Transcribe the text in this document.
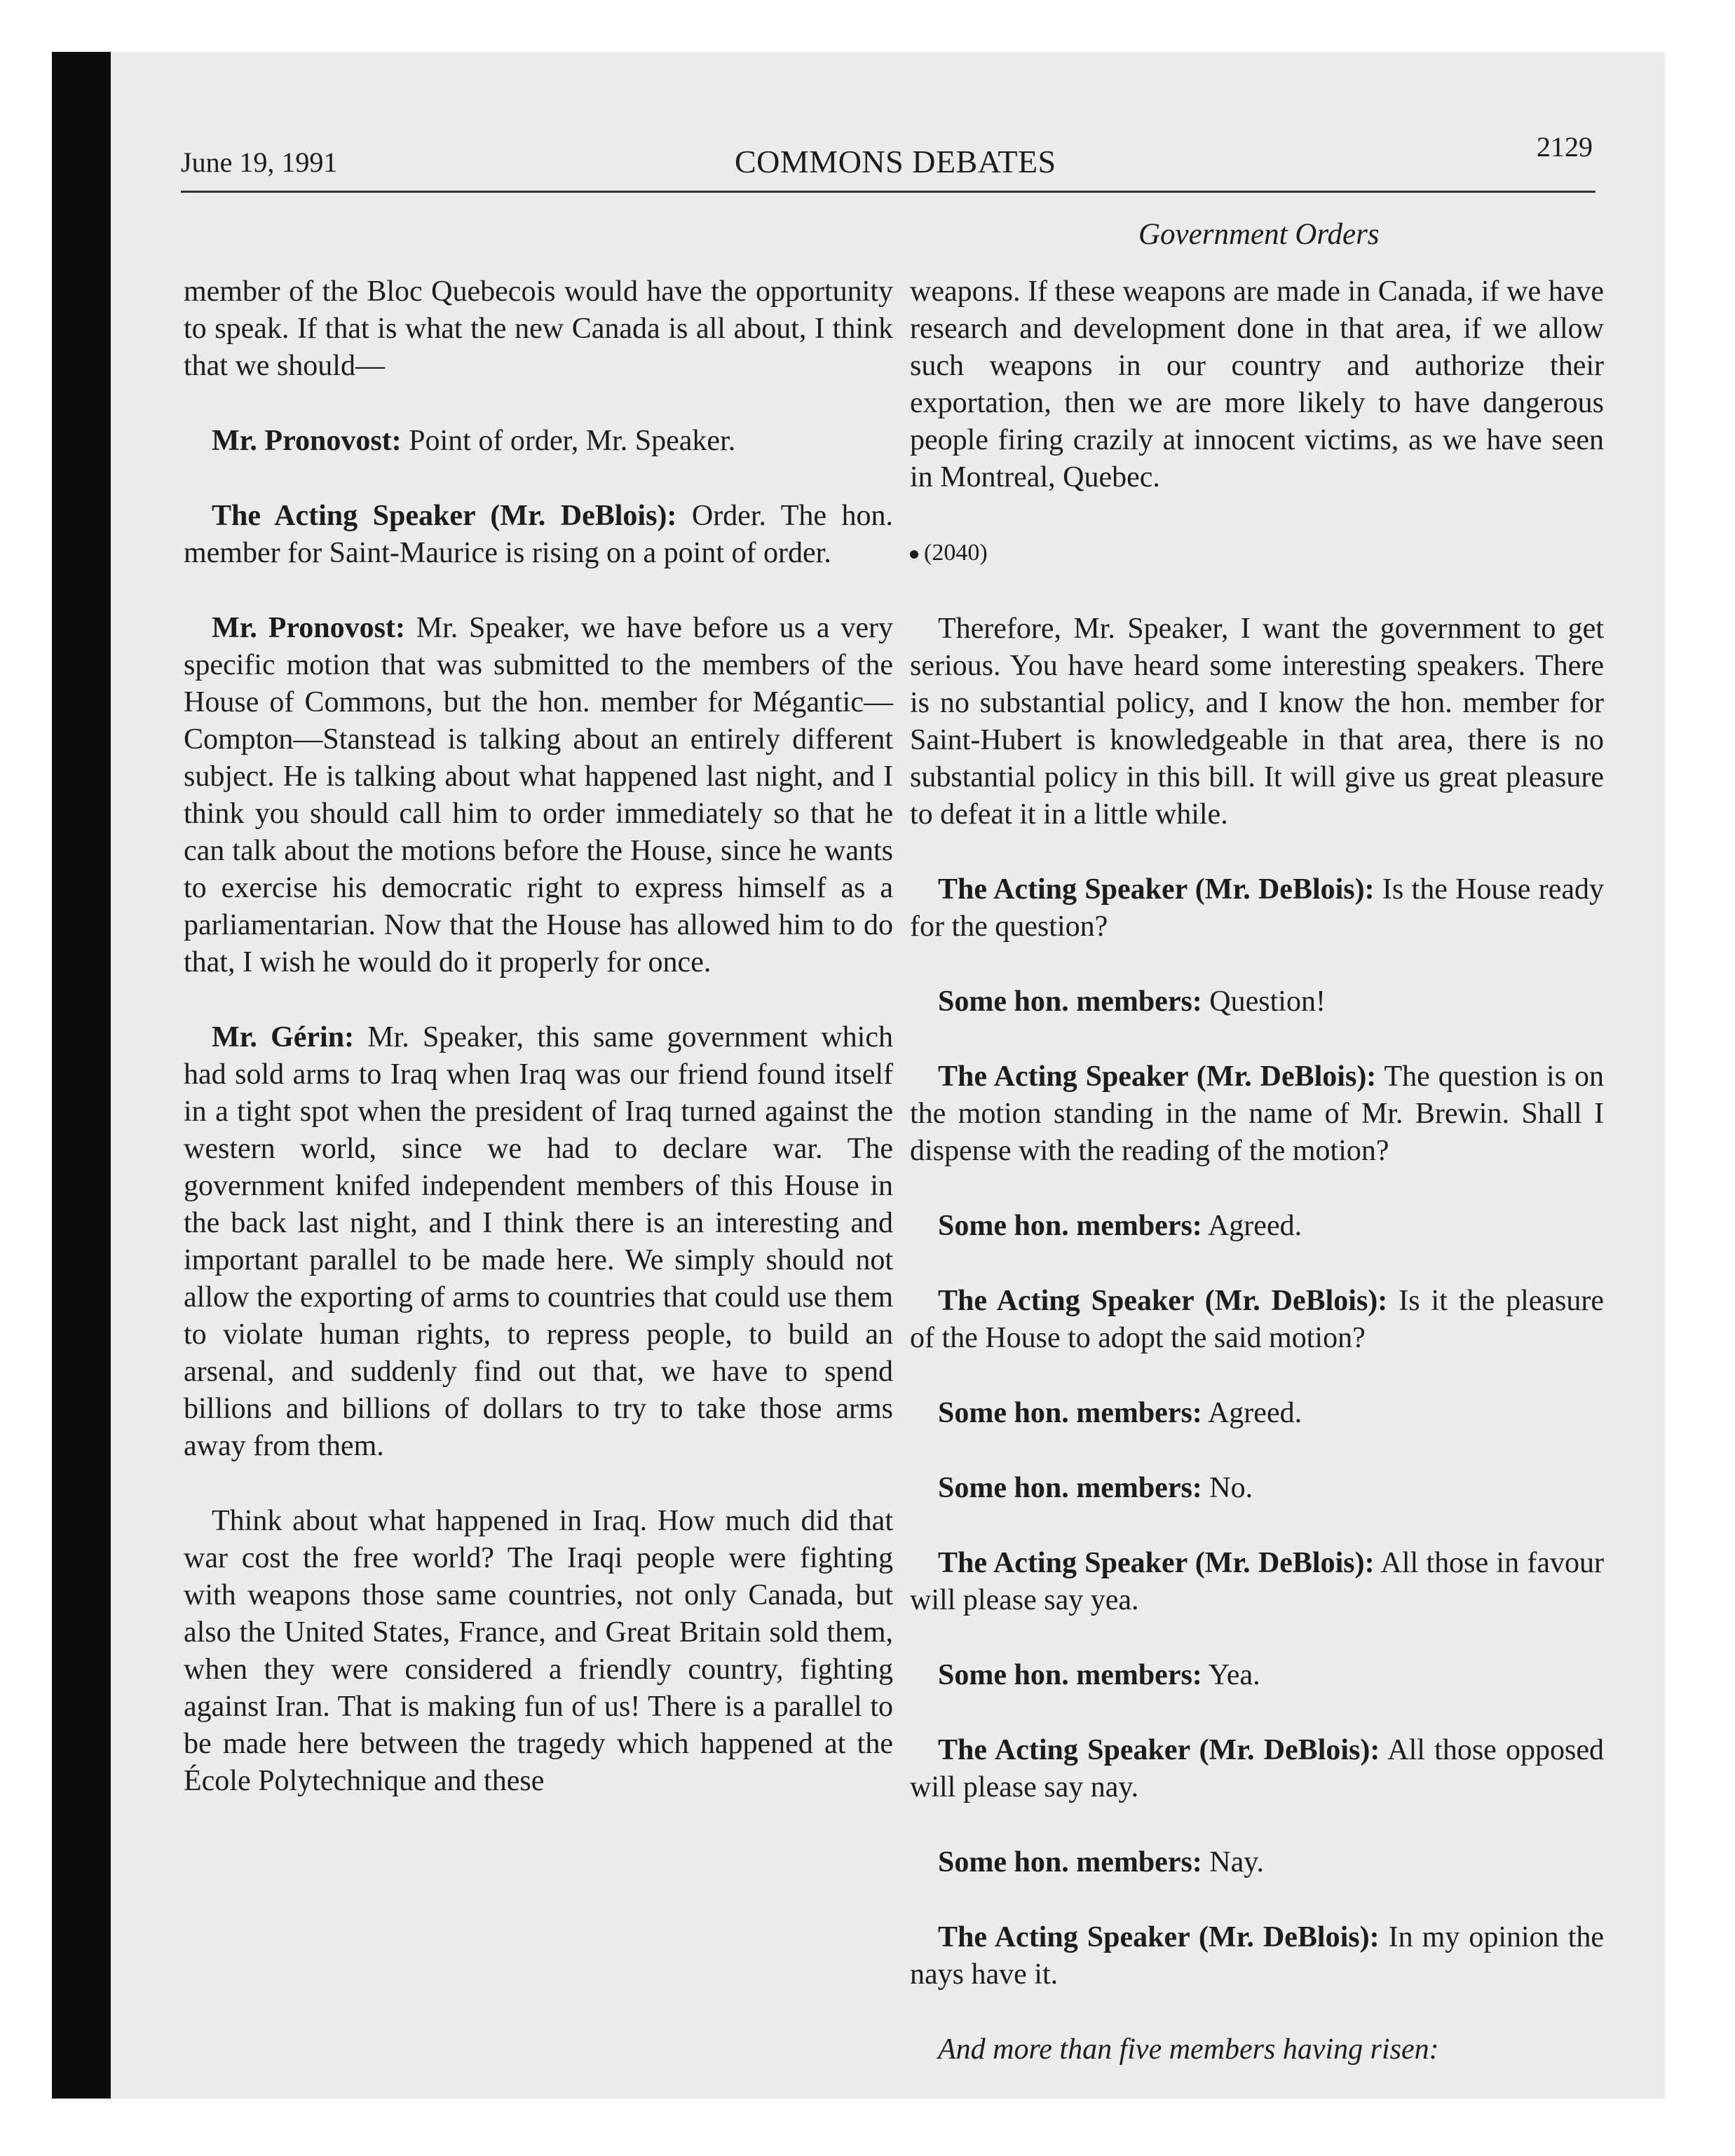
June 19, 1991	COMMONS DEBATES	2129
Government Orders

member of the Bloc Quebecois would have the opportunity to speak. If that is what the new Canada is all about, I think that we should—

Mr. Pronovost: Point of order, Mr. Speaker.

The Acting Speaker (Mr. DeBlois): Order. The hon. member for Saint-Maurice is rising on a point of order.

Mr. Pronovost: Mr. Speaker, we have before us a very specific motion that was submitted to the members of the House of Commons, but the hon. member for Mégantic—Compton—Stanstead is talking about an entirely different subject. He is talking about what happened last night, and I think you should call him to order immediately so that he can talk about the motions before the House, since he wants to exercise his democratic right to express himself as a parliamentarian. Now that the House has allowed him to do that, I wish he would do it properly for once.

Mr. Gérin: Mr. Speaker, this same government which had sold arms to Iraq when Iraq was our friend found itself in a tight spot when the president of Iraq turned against the western world, since we had to declare war. The government knifed independent members of this House in the back last night, and I think there is an interesting and important parallel to be made here. We simply should not allow the exporting of arms to countries that could use them to violate human rights, to repress people, to build an arsenal, and suddenly find out that, we have to spend billions and billions of dollars to try to take those arms away from them.

Think about what happened in Iraq. How much did that war cost the free world? The Iraqi people were fighting with weapons those same countries, not only Canada, but also the United States, France, and Great Britain sold them, when they were considered a friendly country, fighting against Iran. That is making fun of us! There is a parallel to be made here between the tragedy which happened at the École Polytechnique and these

weapons. If these weapons are made in Canada, if we have research and development done in that area, if we allow such weapons in our country and authorize their exportation, then we are more likely to have dangerous people firing crazily at innocent victims, as we have seen in Montreal, Quebec.

(2040)

Therefore, Mr. Speaker, I want the government to get serious. You have heard some interesting speakers. There is no substantial policy, and I know the hon. member for Saint-Hubert is knowledgeable in that area, there is no substantial policy in this bill. It will give us great pleasure to defeat it in a little while.

The Acting Speaker (Mr. DeBlois): Is the House ready for the question?

Some hon. members: Question!

The Acting Speaker (Mr. DeBlois): The question is on the motion standing in the name of Mr. Brewin. Shall I dispense with the reading of the motion?

Some hon. members: Agreed.

The Acting Speaker (Mr. DeBlois): Is it the pleasure of the House to adopt the said motion?

Some hon. members: Agreed.

Some hon. members: No.

The Acting Speaker (Mr. DeBlois): All those in favour will please say yea.

Some hon. members: Yea.

The Acting Speaker (Mr. DeBlois): All those opposed will please say nay.

Some hon. members: Nay.

The Acting Speaker (Mr. DeBlois): In my opinion the nays have it.

And more than five members having risen:
